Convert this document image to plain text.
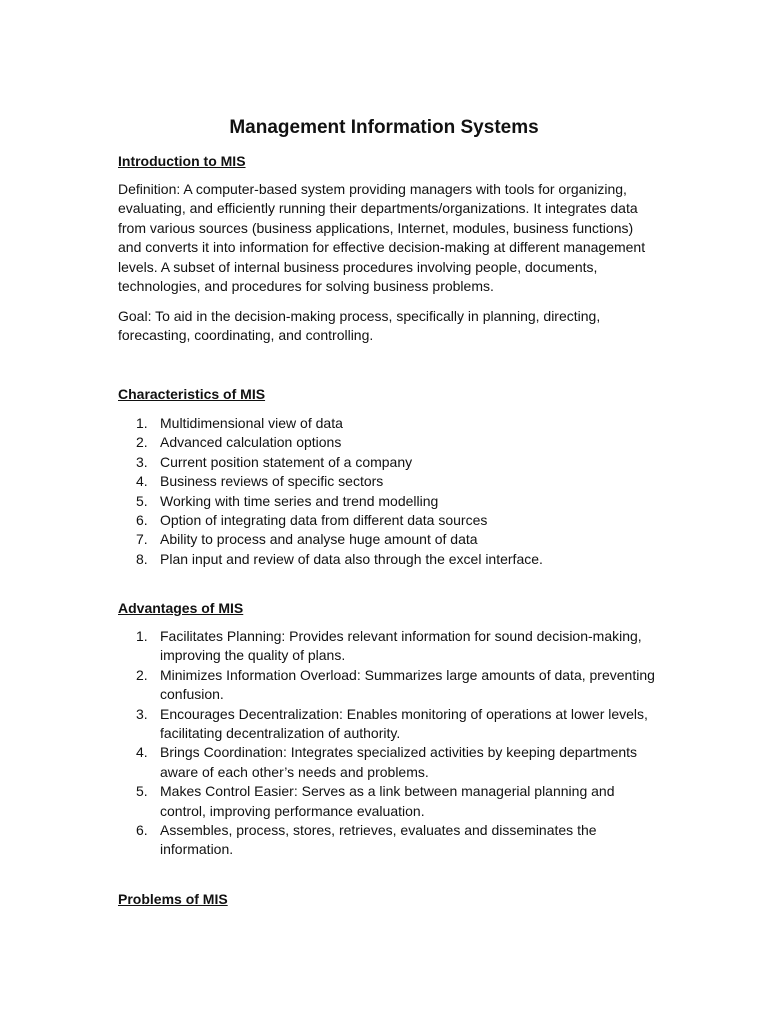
Management Information Systems
Introduction to MIS

Definition: A computer-based system providing managers with tools for organizing, evaluating, and efficiently running their departments/organizations. It integrates data from various sources (business applications, Internet, modules, business functions) and converts it into information for effective decision-making at different management levels. A subset of internal business procedures involving people, documents, technologies, and procedures for solving business problems.

Goal: To aid in the decision-making process, specifically in planning, directing, forecasting, coordinating, and controlling.

Characteristics of MIS
1. Multidimensional view of data
2. Advanced calculation options
3. Current position statement of a company
4. Business reviews of specific sectors
5. Working with time series and trend modelling
6. Option of integrating data from different data sources
7. Ability to process and analyse huge amount of data
8. Plan input and review of data also through the excel interface.
Advantages of MIS
1. Facilitates Planning: Provides relevant information for sound decision-making, improving the quality of plans.
2. Minimizes Information Overload: Summarizes large amounts of data, preventing confusion.
3. Encourages Decentralization: Enables monitoring of operations at lower levels, facilitating decentralization of authority.
4. Brings Coordination: Integrates specialized activities by keeping departments aware of each other’s needs and problems.
5. Makes Control Easier: Serves as a link between managerial planning and control, improving performance evaluation.
6. Assembles, process, stores, retrieves, evaluates and disseminates the information.
Problems of MIS
